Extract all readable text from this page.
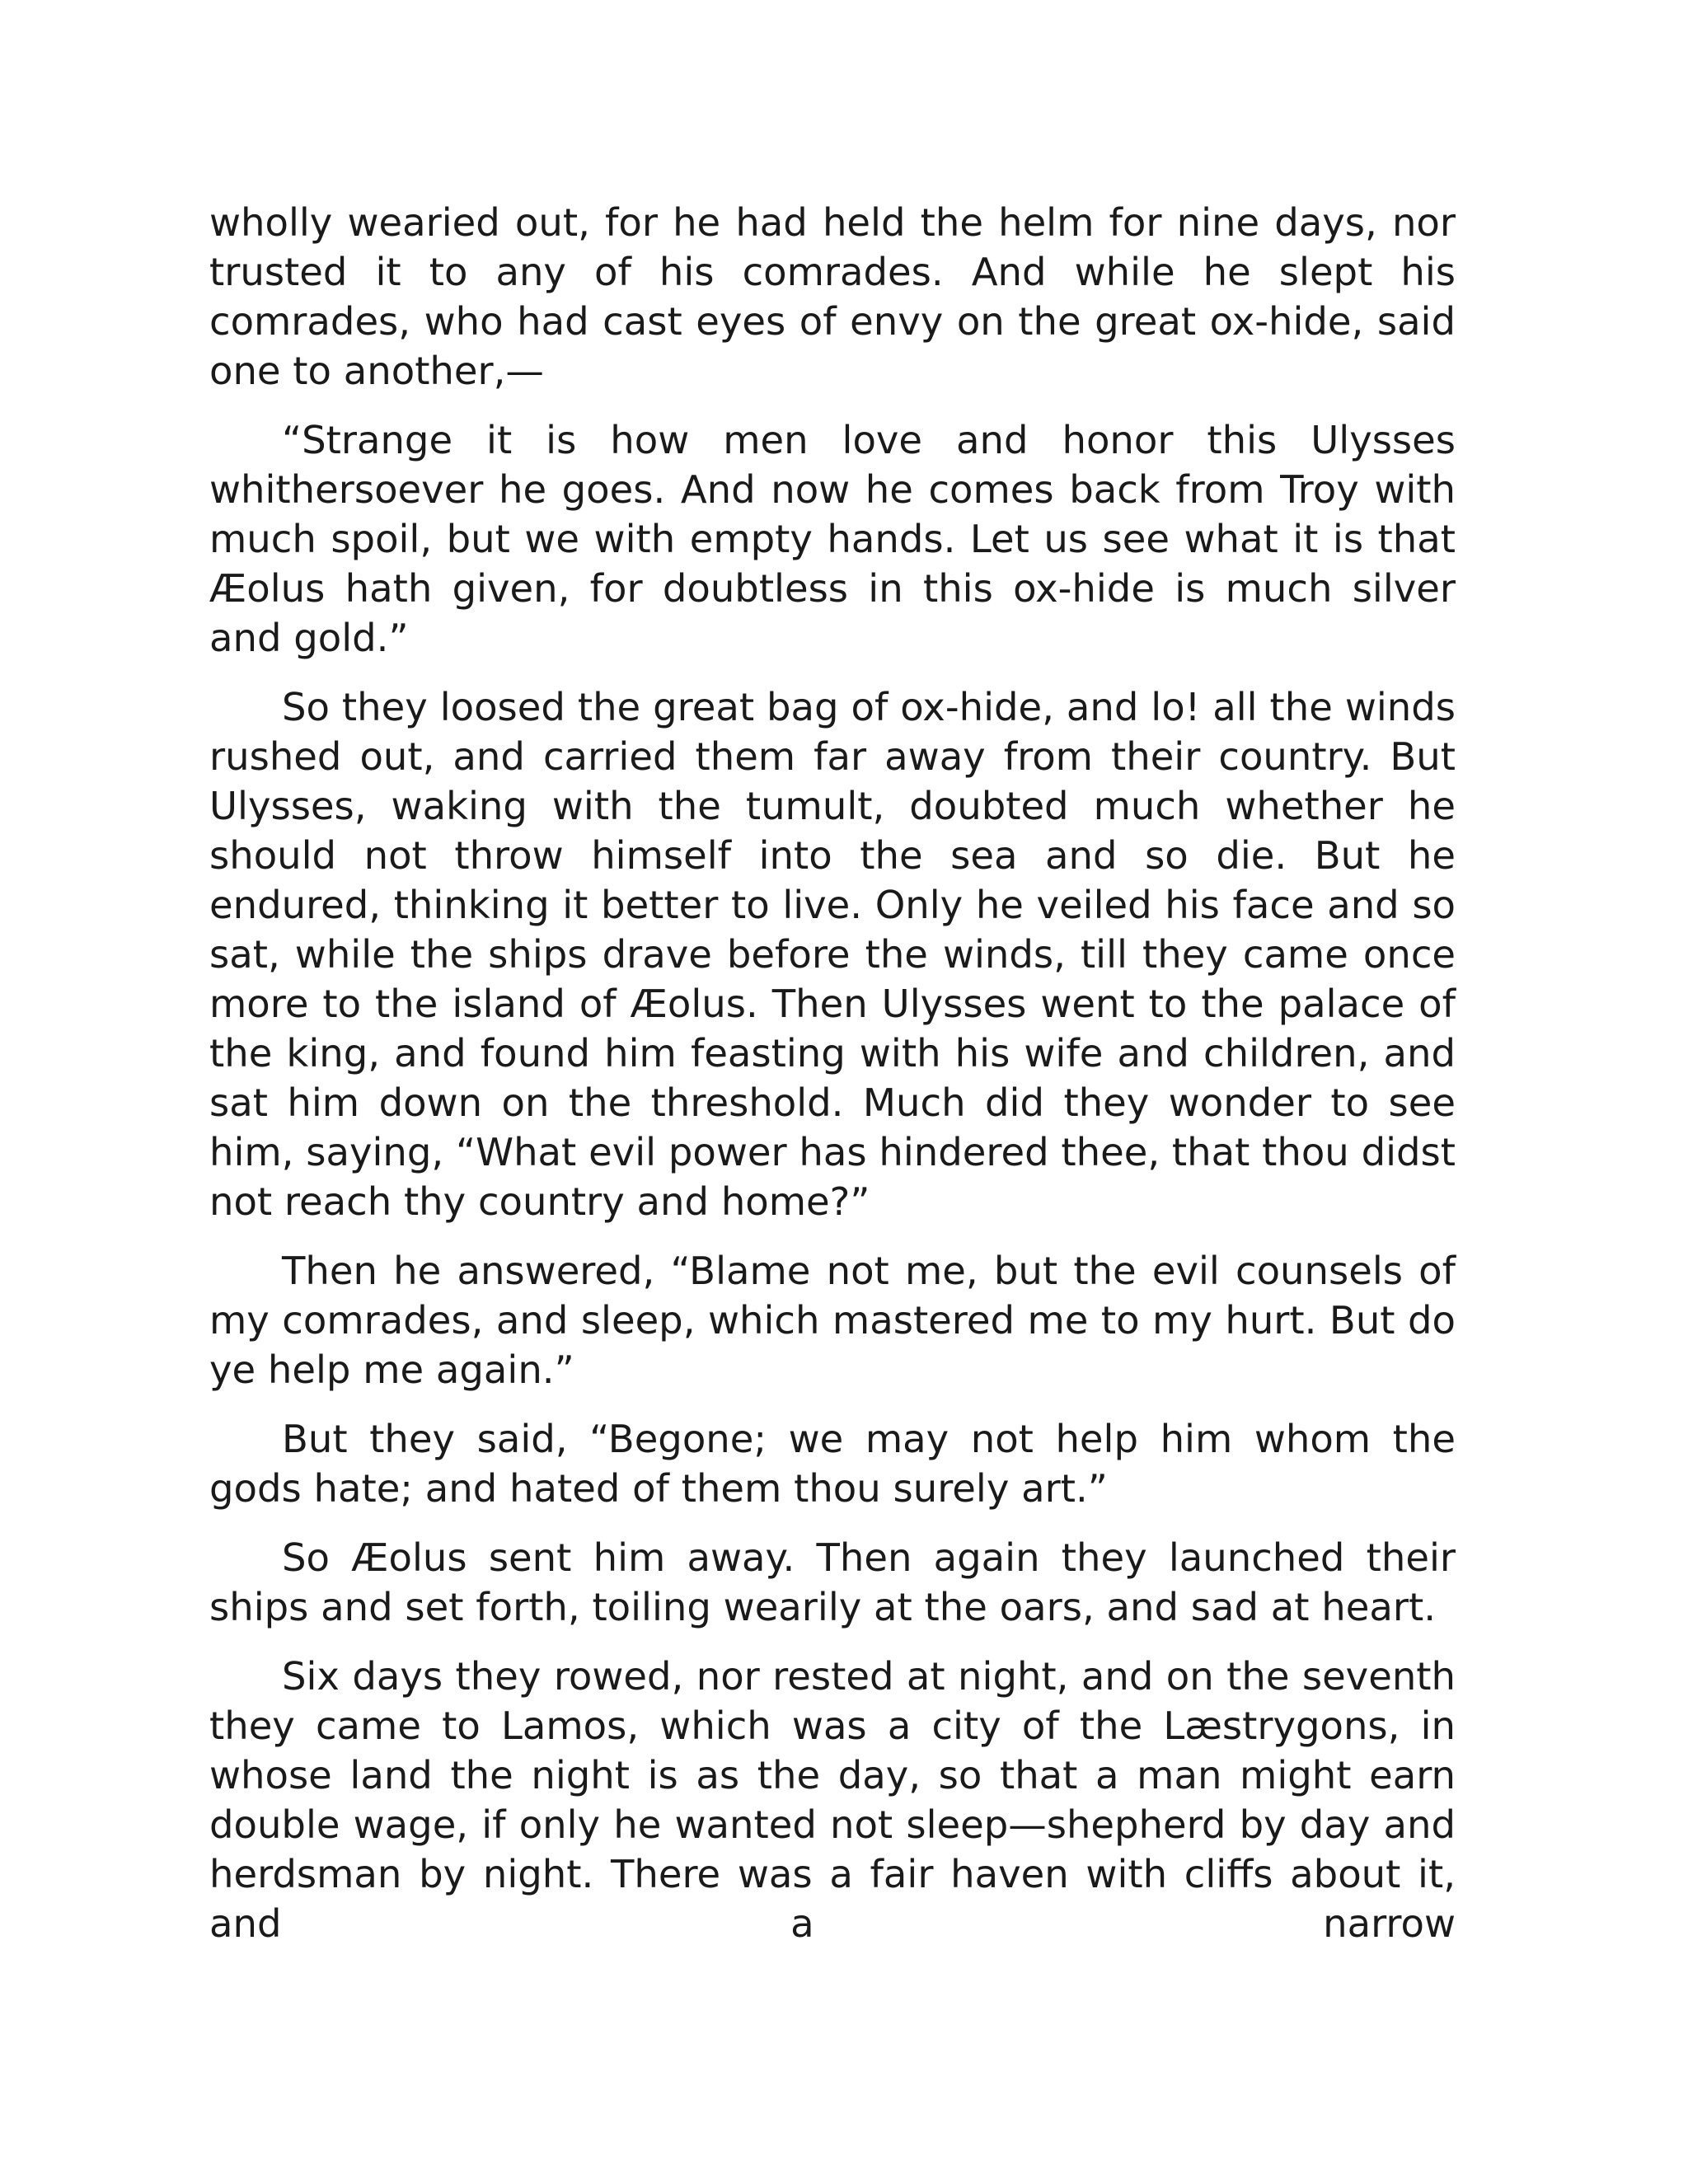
wholly wearied out, for he had held the helm for nine days, nor trusted it to any of his comrades. And while he slept his comrades, who had cast eyes of envy on the great ox-hide, said one to another,—

“Strange it is how men love and honor this Ulysses whithersoever he goes. And now he comes back from Troy with much spoil, but we with empty hands. Let us see what it is that Æolus hath given, for doubtless in this ox-hide is much silver and gold.”

So they loosed the great bag of ox-hide, and lo! all the winds rushed out, and carried them far away from their country. But Ulysses, waking with the tumult, doubted much whether he should not throw himself into the sea and so die. But he endured, thinking it better to live. Only he veiled his face and so sat, while the ships drave before the winds, till they came once more to the island of Æolus. Then Ulysses went to the palace of the king, and found him feasting with his wife and children, and sat him down on the threshold. Much did they wonder to see him, saying, “What evil power has hindered thee, that thou didst not reach thy country and home?”

Then he answered, “Blame not me, but the evil counsels of my comrades, and sleep, which mastered me to my hurt. But do ye help me again.”

But they said, “Begone; we may not help him whom the gods hate; and hated of them thou surely art.”

So Æolus sent him away. Then again they launched their ships and set forth, toiling wearily at the oars, and sad at heart.

Six days they rowed, nor rested at night, and on the seventh they came to Lamos, which was a city of the Læstrygons, in whose land the night is as the day, so that a man might earn double wage, if only he wanted not sleep—shepherd by day and herdsman by night. There was a fair haven with cliffs about it, and a narrow
